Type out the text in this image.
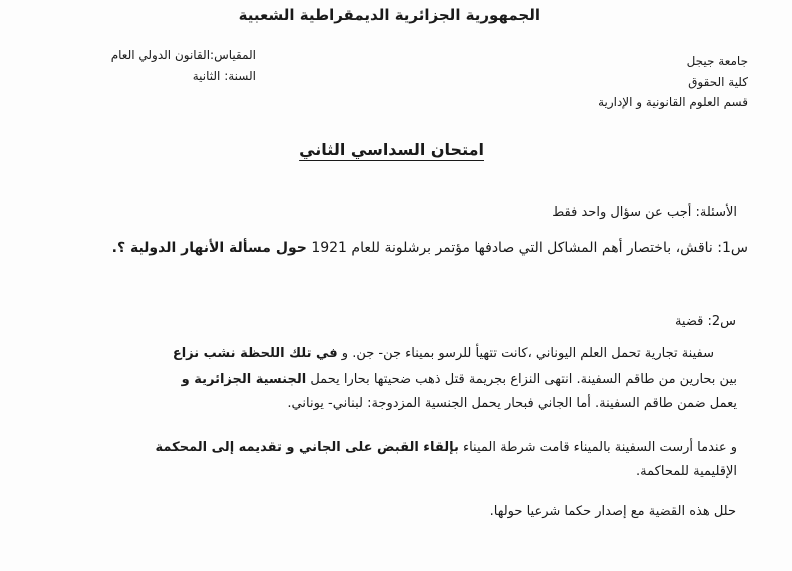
الجمهورية الجزائرية الديمقراطية الشعبية
المقياس:القانون الدولي العام
السنة: الثانية
جامعة جيجل
كلية الحقوق
قسم العلوم القانونية و الإدارية
امتحان السداسي الثاني
الأسئلة: أجب عن سؤال واحد فقط
س1: ناقش، باختصار أهم المشاكل التي صادفها مؤتمر برشلونة للعام 1921 حول مسألة الأنهار الدولية ؟.
س2: قضية
سفينة تجارية تحمل العلم اليوناني ،كانت تتهيأ للرسو بميناء جن- جن. و في تلك اللحظة نشب نزاع
بين بحارين من طاقم السفينة. انتهى النزاع بجريمة قتل ذهب ضحيتها بحارا يحمل الجنسية الجزائرية و
يعمل ضمن طاقم السفينة. أما الجاني فبحار يحمل الجنسية المزدوجة: لبناني- يوناني.
و عندما أرست السفينة بالميناء قامت شرطة الميناء بإلقاء القبض على الجاني و تقديمه إلى المحكمة
الإقليمية للمحاكمة.
حلل هذه القضية مع إصدار حكما شرعيا حولها.
